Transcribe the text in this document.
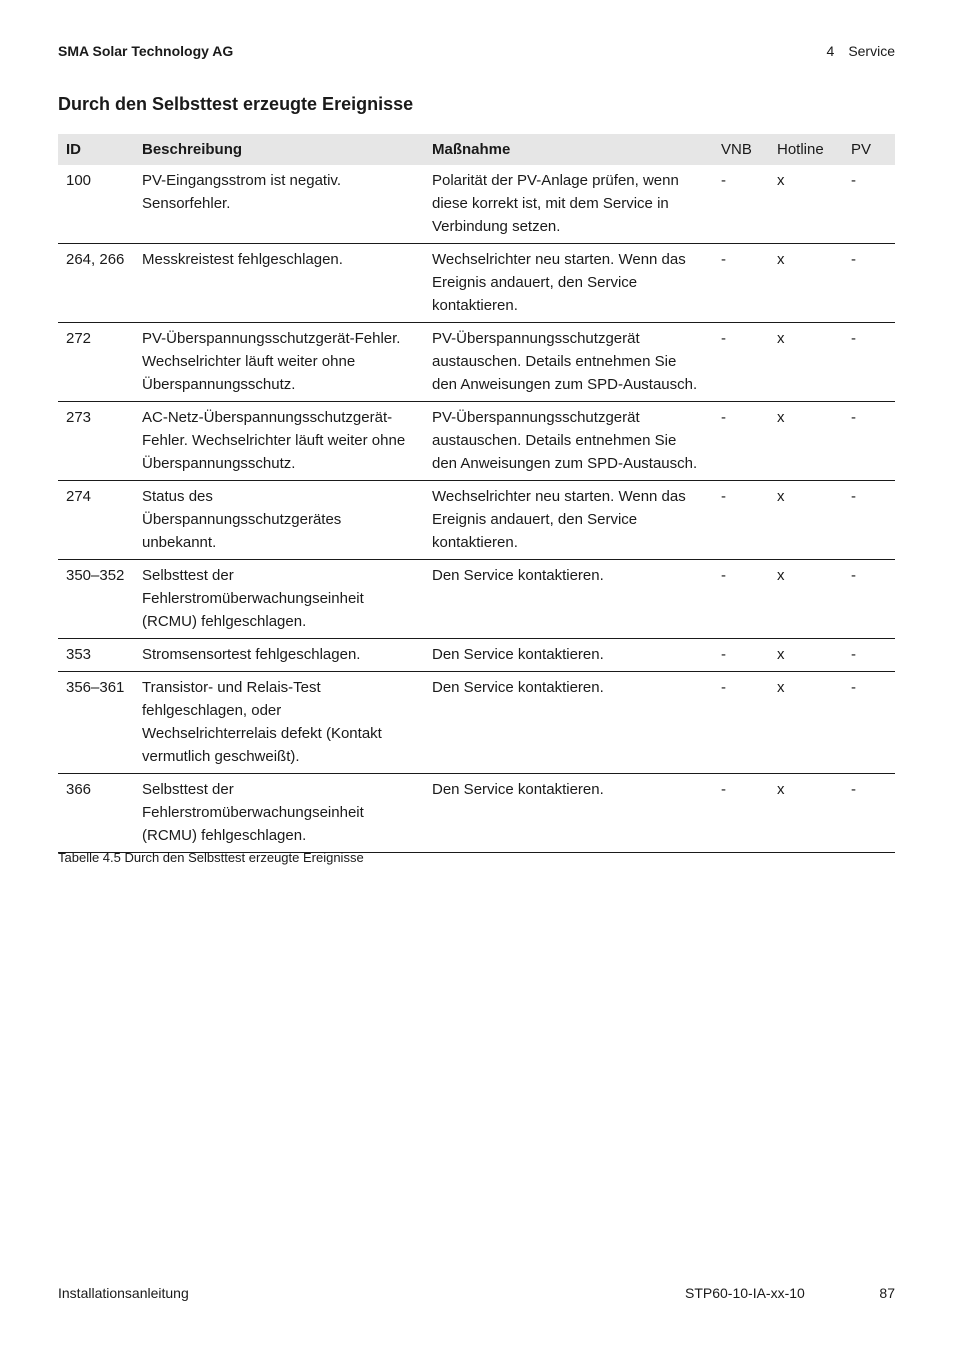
SMA Solar Technology AG	4 Service
Durch den Selbsttest erzeugte Ereignisse
ID	Beschreibung	Maßnahme	VNB	Hotline	PV
100	PV-Eingangsstrom ist negativ. Sensorfehler.	Polarität der PV-Anlage prüfen, wenn diese korrekt ist, mit dem Service in Verbindung setzen.	-	x	-
264, 266	Messkreistest fehlgeschlagen.	Wechselrichter neu starten. Wenn das Ereignis andauert, den Service kontaktieren.	-	x	-
272	PV-Überspannungsschutzgerät-Fehler. Wechselrichter läuft weiter ohne Überspannungsschutz.	PV-Überspannungsschutzgerät austauschen. Details entnehmen Sie den Anweisungen zum SPD-Austausch.	-	x	-
273	AC-Netz-Überspannungsschutzgerät-Fehler. Wechselrichter läuft weiter ohne Überspannungsschutz.	PV-Überspannungsschutzgerät austauschen. Details entnehmen Sie den Anweisungen zum SPD-Austausch.	-	x	-
274	Status des Überspannungsschutzgerätes unbekannt.	Wechselrichter neu starten. Wenn das Ereignis andauert, den Service kontaktieren.	-	x	-
350–352	Selbsttest der Fehlerstromüberwachungseinheit (RCMU) fehlgeschlagen.	Den Service kontaktieren.	-	x	-
353	Stromsensortest fehlgeschlagen.	Den Service kontaktieren.	-	x	-
356–361	Transistor- und Relais-Test fehlgeschlagen, oder Wechselrichterrelais defekt (Kontakt vermutlich geschweißt).	Den Service kontaktieren.	-	x	-
366	Selbsttest der Fehlerstromüberwachungseinheit (RCMU) fehlgeschlagen.	Den Service kontaktieren.	-	x	-
Tabelle 4.5 Durch den Selbsttest erzeugte Ereignisse
Installationsanleitung	STP60-10-IA-xx-10	87
